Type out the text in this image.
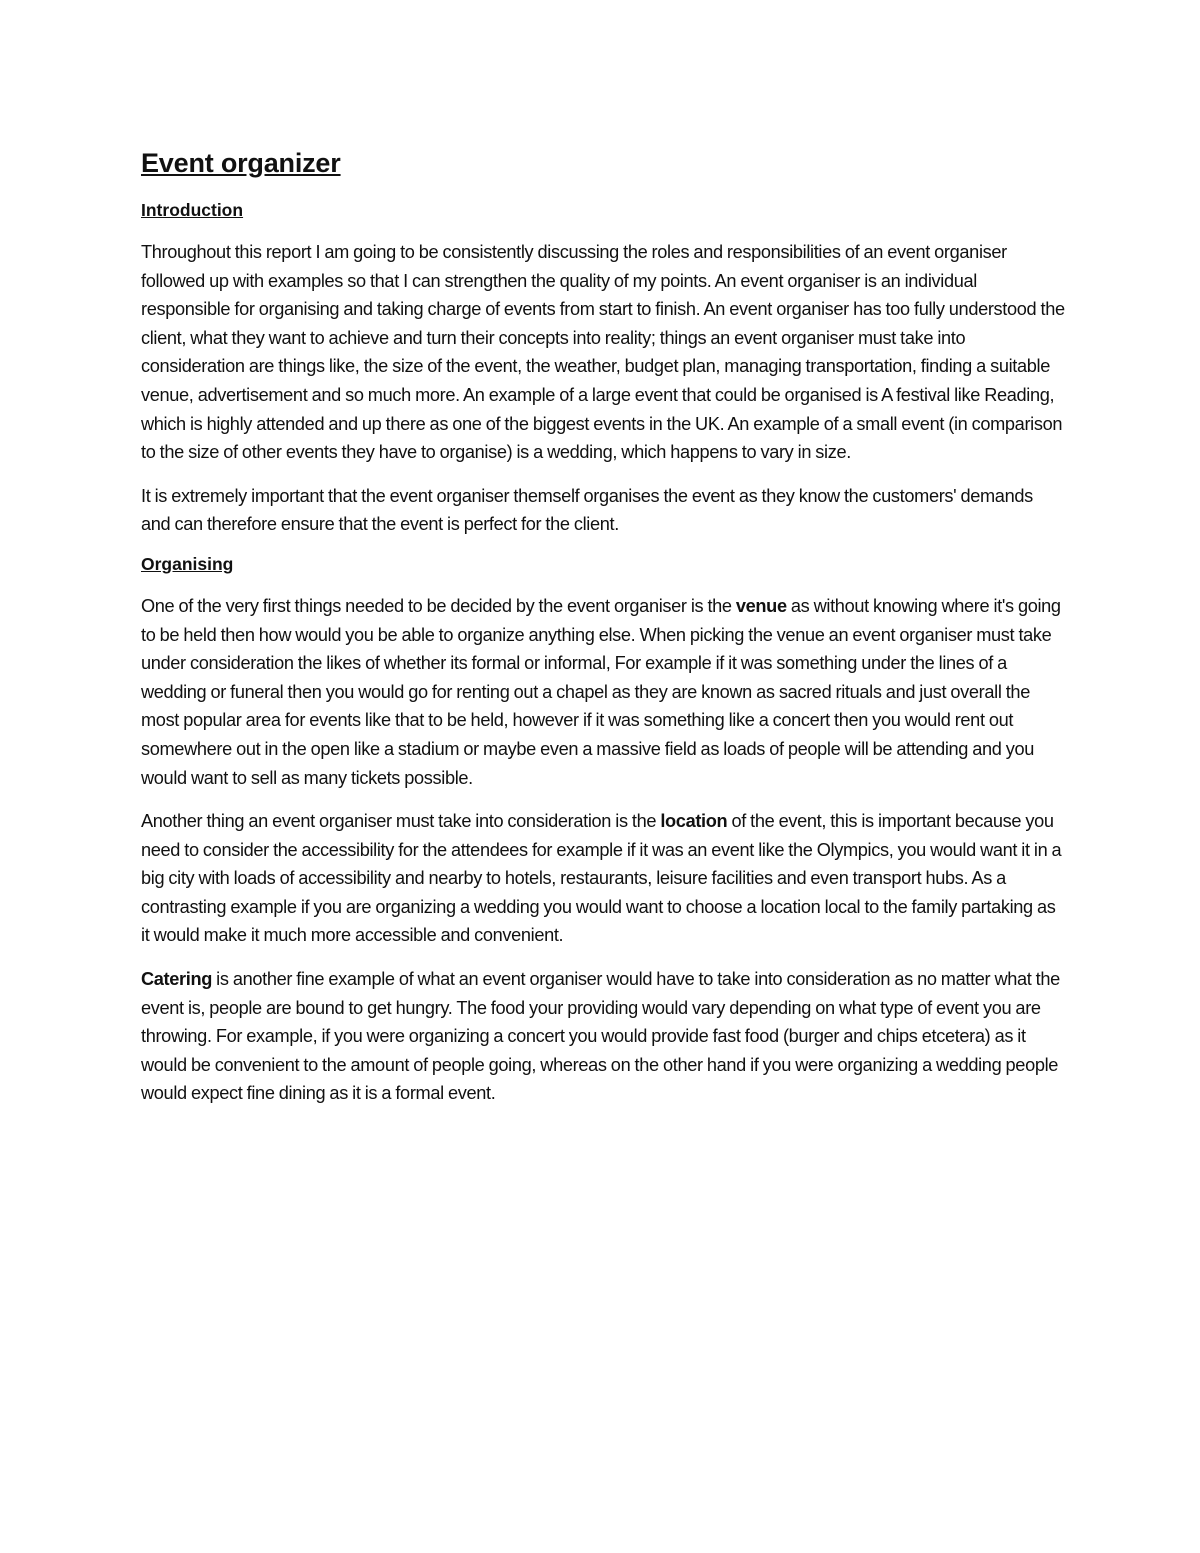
Event organizer
Introduction

Throughout this report I am going to be consistently discussing the roles and responsibilities of an event organiser followed up with examples so that I can strengthen the quality of my points. An event organiser is an individual responsible for organising and taking charge of events from start to finish. An event organiser has too fully understood the client, what they want to achieve and turn their concepts into reality; things an event organiser must take into consideration are things like, the size of the event, the weather, budget plan, managing transportation, finding a suitable venue, advertisement and so much more. An example of a large event that could be organised is A festival like Reading, which is highly attended and up there as one of the biggest events in the UK. An example of a small event (in comparison to the size of other events they have to organise) is a wedding, which happens to vary in size.

It is extremely important that the event organiser themself organises the event as they know the customers' demands and can therefore ensure that the event is perfect for the client.

Organising

One of the very first things needed to be decided by the event organiser is the venue as without knowing where it's going to be held then how would you be able to organize anything else. When picking the venue an event organiser must take under consideration the likes of whether its formal or informal, For example if it was something under the lines of a wedding or funeral then you would go for renting out a chapel as they are known as sacred rituals and just overall the most popular area for events like that to be held, however if it was something like a concert then you would rent out somewhere out in the open like a stadium or maybe even a massive field as loads of people will be attending and you would want to sell as many tickets possible.

Another thing an event organiser must take into consideration is the location of the event, this is important because you need to consider the accessibility for the attendees for example if it was an event like the Olympics, you would want it in a big city with loads of accessibility and nearby to hotels, restaurants, leisure facilities and even transport hubs. As a contrasting example if you are organizing a wedding you would want to choose a location local to the family partaking as it would make it much more accessible and convenient.

Catering is another fine example of what an event organiser would have to take into consideration as no matter what the event is, people are bound to get hungry. The food your providing would vary depending on what type of event you are throwing. For example, if you were organizing a concert you would provide fast food (burger and chips etcetera) as it would be convenient to the amount of people going, whereas on the other hand if you were organizing a wedding people would expect fine dining as it is a formal event.
